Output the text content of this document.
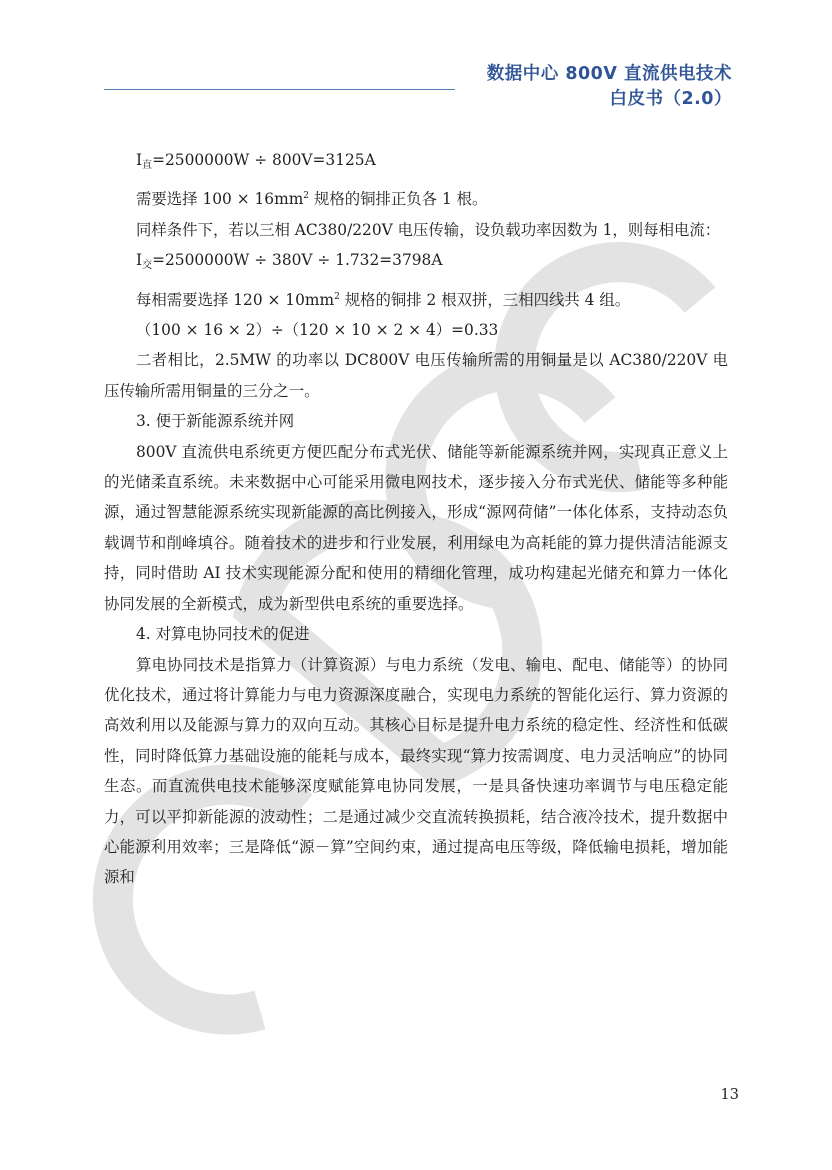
数据中心 800V 直流供电技术
白皮书（2.0）

$I_直=2500000W \div 800V=3125A$

需要选择 $100 \times 16mm^2$ 规格的铜排正负各 1 根。

同样条件下，若以三相 AC380/220V 电压传输，设负载功率因数为 1，则每相电流：

$I_交=2500000W \div 380V \div 1.732=3798A$

每相需要选择 $120 \times 10mm^2$ 规格的铜排 2 根双拼，三相四线共 4 组。

（100 × 16 × 2）÷（120 × 10 × 2 × 4）=0.33

二者相比，2.5MW 的功率以 DC800V 电压传输所需的用铜量是以 AC380/220V 电压传输所需用铜量的三分之一。

3. 便于新能源系统并网

800V 直流供电系统更方便匹配分布式光伏、储能等新能源系统并网，实现真正意义上的光储柔直系统。未来数据中心可能采用微电网技术，逐步接入分布式光伏、储能等多种能源，通过智慧能源系统实现新能源的高比例接入，形成“源网荷储”一体化体系，支持动态负载调节和削峰填谷。随着技术的进步和行业发展，利用绿电为高耗能的算力提供清洁能源支持，同时借助 AI 技术实现能源分配和使用的精细化管理，成功构建起光储充和算力一体化协同发展的全新模式，成为新型供电系统的重要选择。

4. 对算电协同技术的促进

算电协同技术是指算力（计算资源）与电力系统（发电、输电、配电、储能等）的协同优化技术，通过将计算能力与电力资源深度融合，实现电力系统的智能化运行、算力资源的高效利用以及能源与算力的双向互动。其核心目标是提升电力系统的稳定性、经济性和低碳性，同时降低算力基础设施的能耗与成本，最终实现“算力按需调度、电力灵活响应”的协同生态。而直流供电技术能够深度赋能算电协同发展，一是具备快速功率调节与电压稳定能力，可以平抑新能源的波动性；二是通过减少交直流转换损耗，结合液冷技术，提升数据中心能源利用效率；三是降低“源－算”空间约束，通过提高电压等级，降低输电损耗，增加能源和

13
